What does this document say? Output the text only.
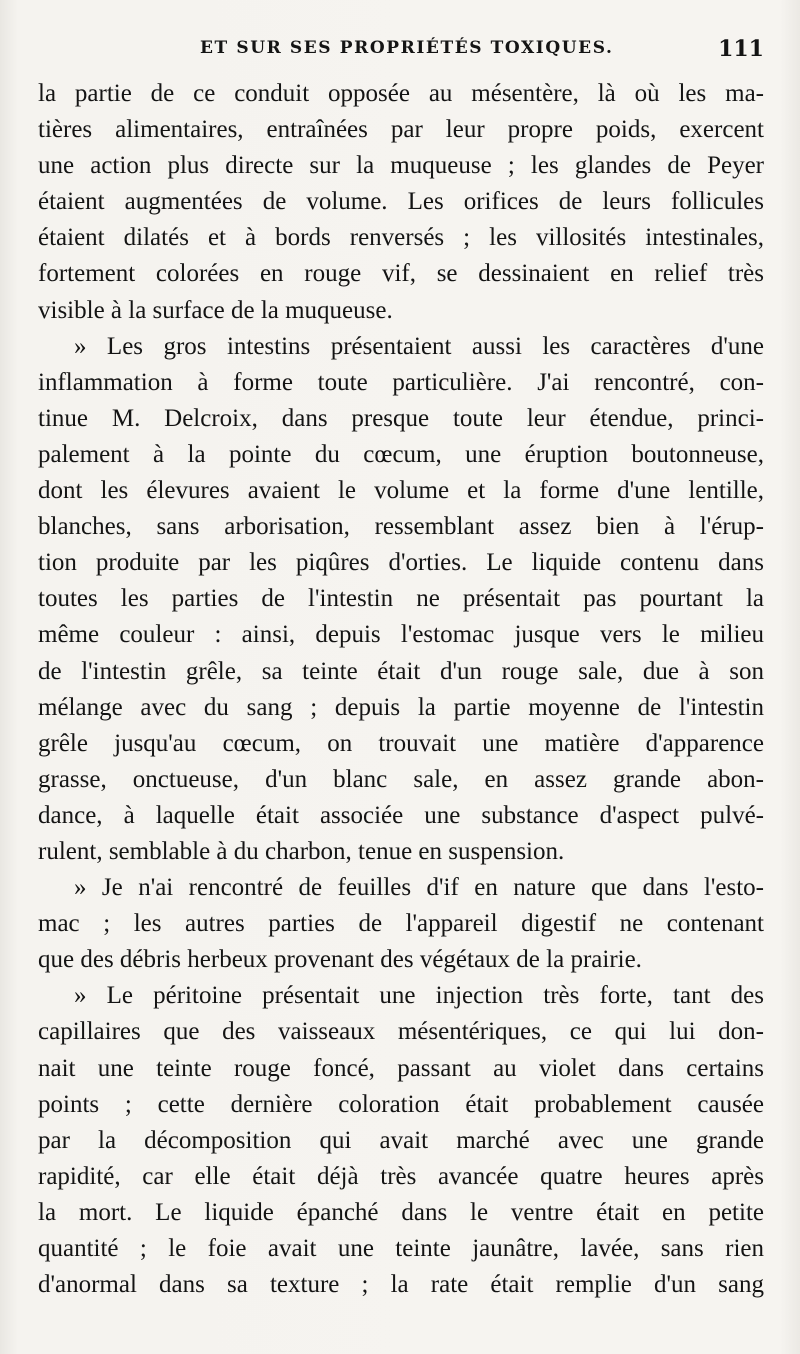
ET SUR SES PROPRIÉTÉS TOXIQUES.	111
la partie de ce conduit opposée au mésentère, là où les ma-
tières alimentaires, entraînées par leur propre poids, exercent
une action plus directe sur la muqueuse ; les glandes de Peyer
étaient augmentées de volume. Les orifices de leurs follicules
étaient dilatés et à bords renversés ; les villosités intestinales,
fortement colorées en rouge vif, se dessinaient en relief très
visible à la surface de la muqueuse.
» Les gros intestins présentaient aussi les caractères d'une
inflammation à forme toute particulière. J'ai rencontré, con-
tinue M. Delcroix, dans presque toute leur étendue, princi-
palement à la pointe du cœcum, une éruption boutonneuse,
dont les élevures avaient le volume et la forme d'une lentille,
blanches, sans arborisation, ressemblant assez bien à l'érup-
tion produite par les piqûres d'orties. Le liquide contenu dans
toutes les parties de l'intestin ne présentait pas pourtant la
même couleur : ainsi, depuis l'estomac jusque vers le milieu
de l'intestin grêle, sa teinte était d'un rouge sale, due à son
mélange avec du sang ; depuis la partie moyenne de l'intestin
grêle jusqu'au cœcum, on trouvait une matière d'apparence
grasse, onctueuse, d'un blanc sale, en assez grande abon-
dance, à laquelle était associée une substance d'aspect pulvé-
rulent, semblable à du charbon, tenue en suspension.
» Je n'ai rencontré de feuilles d'if en nature que dans l'esto-
mac ; les autres parties de l'appareil digestif ne contenant
que des débris herbeux provenant des végétaux de la prairie.
» Le péritoine présentait une injection très forte, tant des
capillaires que des vaisseaux mésentériques, ce qui lui don-
nait une teinte rouge foncé, passant au violet dans certains
points ; cette dernière coloration était probablement causée
par la décomposition qui avait marché avec une grande
rapidité, car elle était déjà très avancée quatre heures après
la mort. Le liquide épanché dans le ventre était en petite
quantité ; le foie avait une teinte jaunâtre, lavée, sans rien
d'anormal dans sa texture ; la rate était remplie d'un sang
